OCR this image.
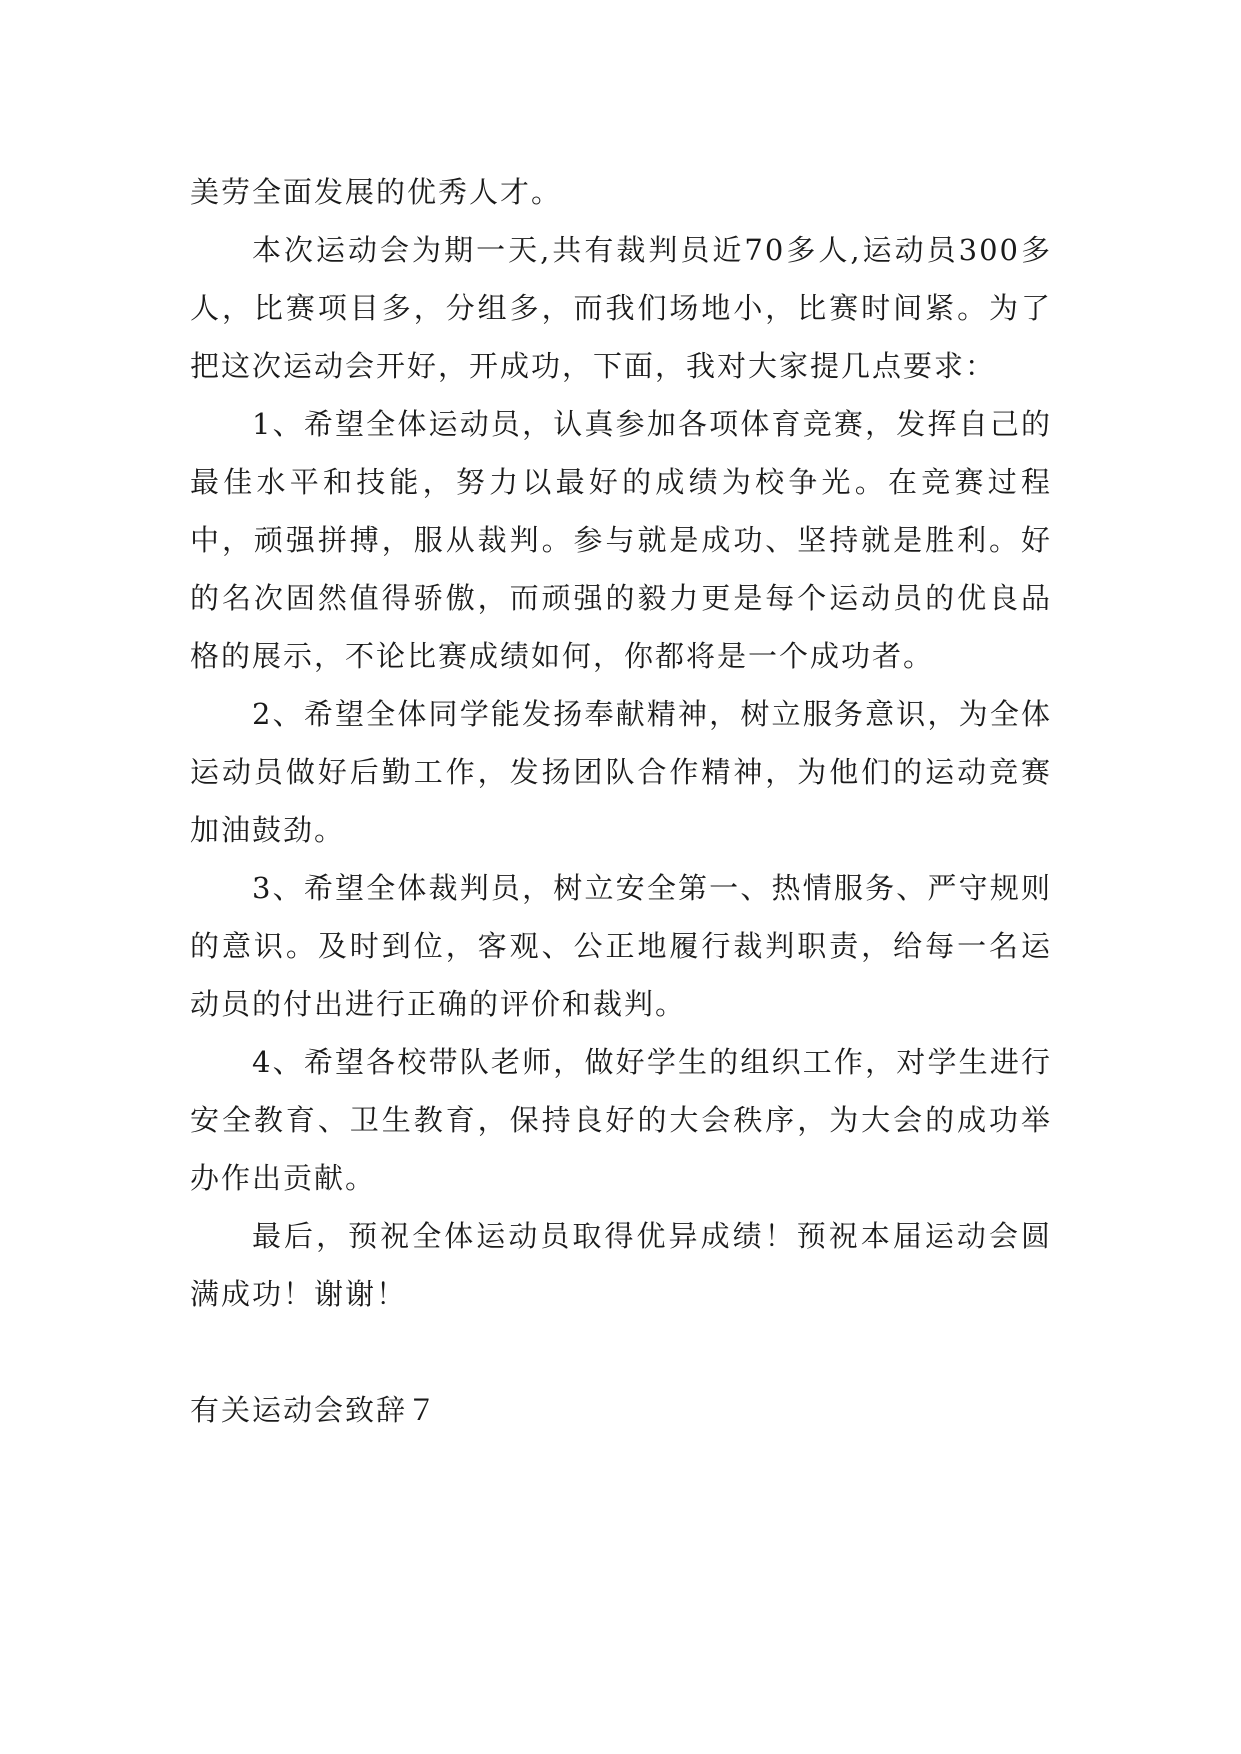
美劳全面发展的优秀人才。

本次运动会为期一天,共有裁判员近70多人,运动员300多人，比赛项目多，分组多，而我们场地小，比赛时间紧。为了把这次运动会开好，开成功，下面，我对大家提几点要求：

1、希望全体运动员，认真参加各项体育竞赛，发挥自己的最佳水平和技能，努力以最好的成绩为校争光。在竞赛过程中，顽强拼搏，服从裁判。参与就是成功、坚持就是胜利。好的名次固然值得骄傲，而顽强的毅力更是每个运动员的优良品格的展示，不论比赛成绩如何，你都将是一个成功者。

2、希望全体同学能发扬奉献精神，树立服务意识，为全体运动员做好后勤工作，发扬团队合作精神，为他们的运动竞赛加油鼓劲。

3、希望全体裁判员，树立安全第一、热情服务、严守规则的意识。及时到位，客观、公正地履行裁判职责，给每一名运动员的付出进行正确的评价和裁判。

4、希望各校带队老师，做好学生的组织工作，对学生进行安全教育、卫生教育，保持良好的大会秩序，为大会的成功举办作出贡献。

最后，预祝全体运动员取得优异成绩！预祝本届运动会圆满成功！谢谢！

有关运动会致辞７
